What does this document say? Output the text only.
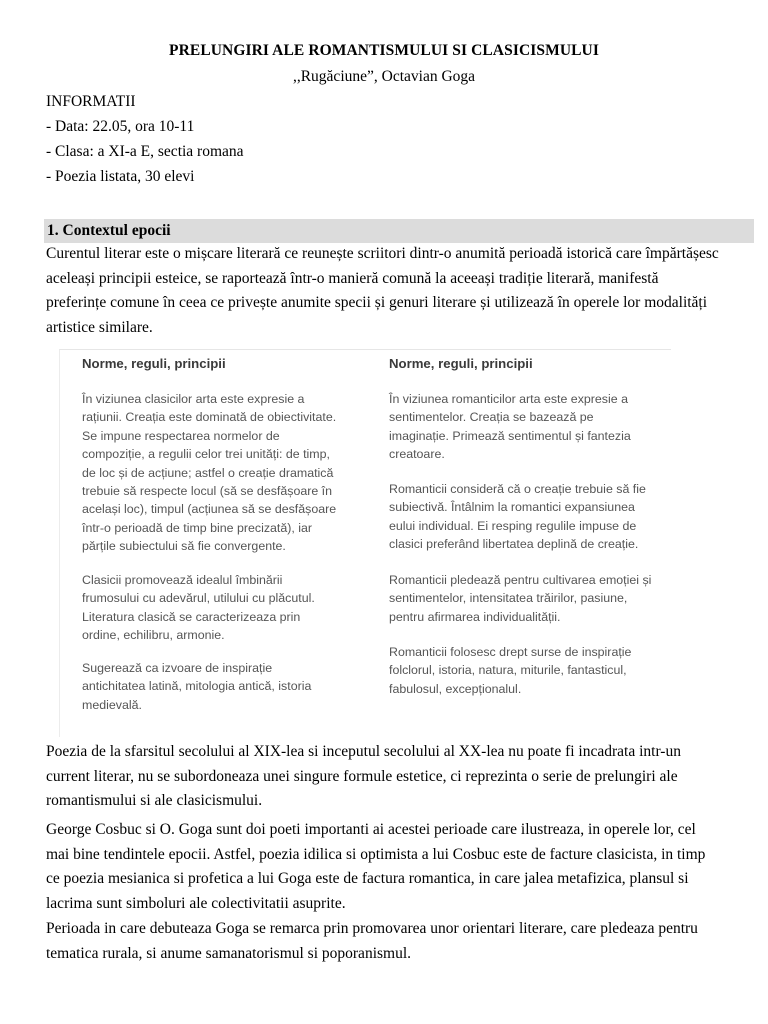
PRELUNGIRI ALE ROMANTISMULUI SI CLASICISMULUI
,,Rugăciune”, Octavian Goga
INFORMATII
- Data: 22.05, ora 10-11
- Clasa: a XI-a E, sectia romana
- Poezia listata, 30 elevi
1. Contextul epocii
Curentul literar este o mișcare literară ce reunește scriitori dintr-o anumită perioadă istorică care împărtășesc
aceleași principii esteice, se raportează într-o manieră comună la aceeași tradiție literară, manifestă
preferințe comune în ceea ce privește anumite specii și genuri literare și utilizează în operele lor modalități
artistice similare.
Norme, reguli, principii
În viziunea clasicilor arta este expresie a
rațiunii. Creația este dominată de obiectivitate.
Se impune respectarea normelor de
compoziție, a regulii celor trei unități: de timp,
de loc și de acțiune; astfel o creație dramatică
trebuie să respecte locul (să se desfășoare în
același loc), timpul (acțiunea să se desfășoare
într-o perioadă de timp bine precizată), iar
părțile subiectului să fie convergente.
Clasicii promovează idealul îmbinării
frumosului cu adevărul, utilului cu plăcutul.
Literatura clasică se caracterizeaza prin
ordine, echilibru, armonie.
Sugerează ca izvoare de inspirație
antichitatea latină, mitologia antică, istoria
medievală.
Norme, reguli, principii
În viziunea romanticilor arta este expresie a
sentimentelor. Creația se bazează pe
imaginație. Primează sentimentul și fantezia
creatoare.
Romanticii consideră că o creație trebuie să fie
subiectivă. Întâlnim la romantici expansiunea
eului individual. Ei resping regulile impuse de
clasici preferând libertatea deplină de creație.
Romanticii pledează pentru cultivarea emoției și
sentimentelor, intensitatea trăirilor, pasiune,
pentru afirmarea individualității.
Romanticii folosesc drept surse de inspirație
folclorul, istoria, natura, miturile, fantasticul,
fabulosul, excepționalul.
Poezia de la sfarsitul secolului al XIX-lea si inceputul secolului al XX-lea nu poate fi incadrata intr-un
current literar, nu se subordoneaza unei singure formule estetice, ci reprezinta o serie de prelungiri ale
romantismului si ale clasicismului.
George Cosbuc si O. Goga sunt doi poeti importanti ai acestei perioade care ilustreaza, in operele lor, cel
mai bine tendintele epocii. Astfel, poezia idilica si optimista a lui Cosbuc este de facture clasicista, in timp
ce poezia mesianica si profetica a lui Goga este de factura romantica, in care jalea metafizica, plansul si
lacrima sunt simboluri ale colectivitatii asuprite.
Perioada in care debuteaza Goga se remarca prin promovarea unor orientari literare, care pledeaza pentru
tematica rurala, si anume samanatorismul si poporanismul.
